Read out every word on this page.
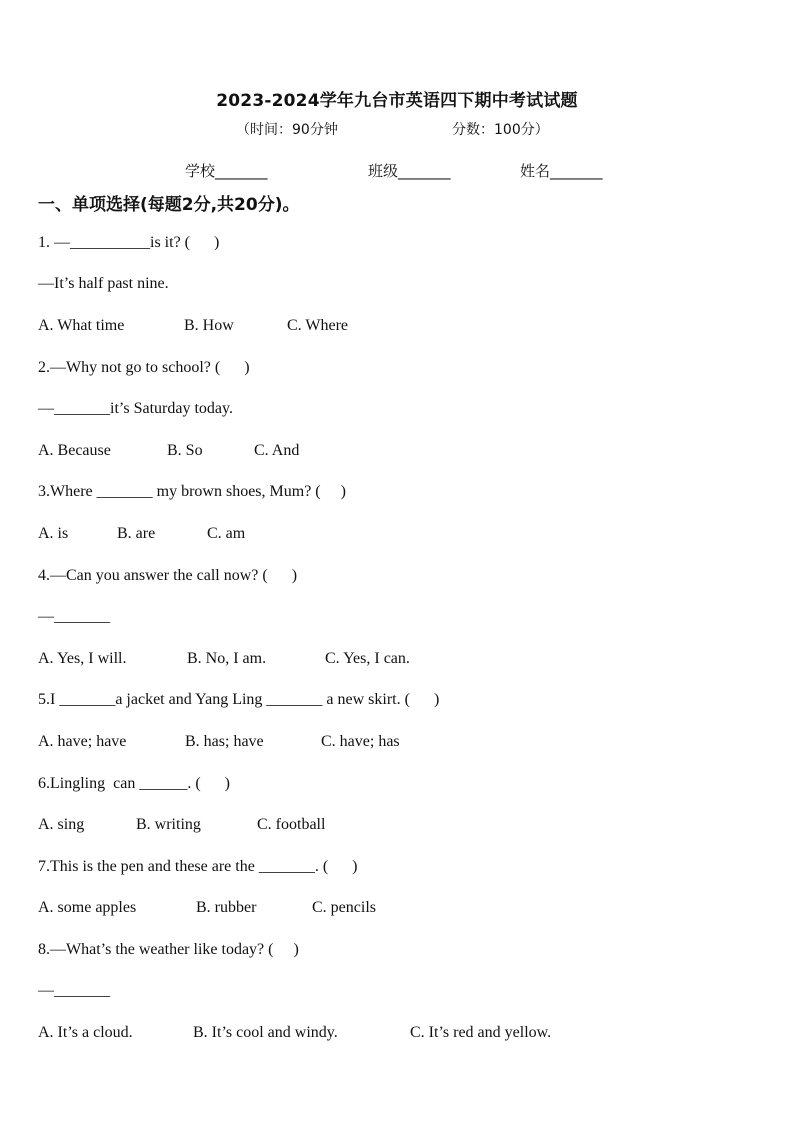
2023-2024学年九台市英语四下期中考试试题
（时间：90分钟	分数：100分）
学校_______	班级_______	姓名_______
一、单项选择(每题2分,共20分)。
1. —__________is it? (      )
—It’s half past nine.
A. What time	B. How	C. Where
2.—Why not go to school? (      )
—_______it’s Saturday today.
A. Because	B. So	C. And
3.Where _______ my brown shoes, Mum? (     )
A. is	B. are	C. am
4.—Can you answer the call now? (      )
—_______
A. Yes, I will.	B. No, I am.	C. Yes, I can.
5.I _______a jacket and Yang Ling _______ a new skirt. (      )
A. have; have	B. has; have	C. have; has
6.Lingling  can ______. (      )
A. sing	B. writing	C. football
7.This is the pen and these are the _______. (      )
A. some apples	B. rubber	C. pencils
8.—What’s the weather like today? (     )
—_______
A. It’s a cloud.	B. It’s cool and windy.	C. It’s red and yellow.
